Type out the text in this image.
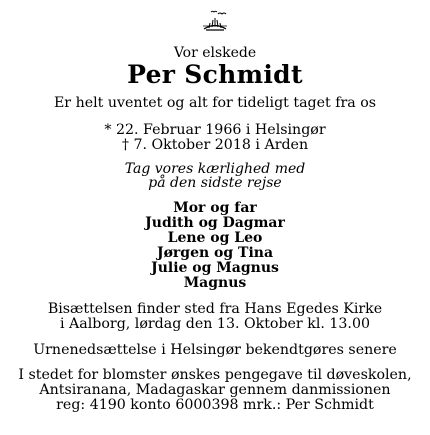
Vor elskede
Per Schmidt
Er helt uventet og alt for tideligt taget fra os
* 22. Februar 1966 i Helsingør
† 7. Oktober 2018 i Arden
Tag vores kærlighed med
på den sidste rejse
Mor og far
Judith og Dagmar
Lene og Leo
Jørgen og Tina
Julie og Magnus
Magnus
Bisættelsen finder sted fra Hans Egedes Kirke
i Aalborg, lørdag den 13. Oktober kl. 13.00
Urnenedsættelse i Helsingør bekendtgøres senere
I stedet for blomster ønskes pengegave til døveskolen,
Antsiranana, Madagaskar gennem danmissionen
reg: 4190 konto 6000398 mrk.: Per Schmidt
